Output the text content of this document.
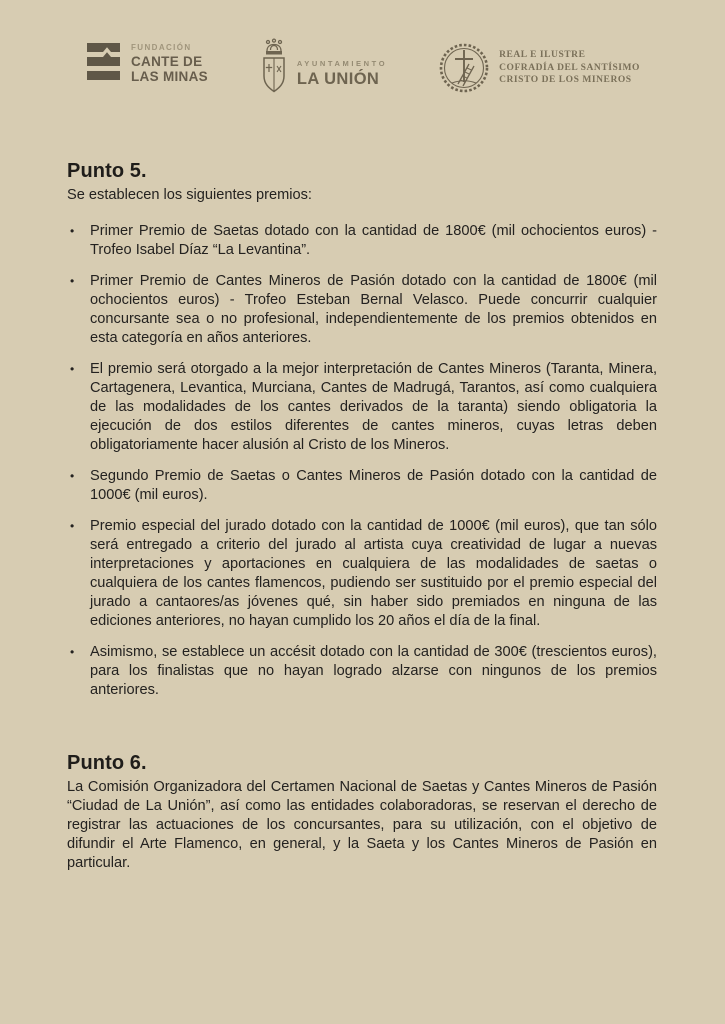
FUNDACIÓN
CANTE DE
LAS MINAS
AYUNTAMIENTO
LA UNIÓN
REAL E ILUSTRE
COFRADÍA DEL SANTÍSIMO
CRISTO DE LOS MINEROS
Punto 5.
Se establecen los siguientes premios:
• Primer Premio de Saetas dotado con la cantidad de 1800€ (mil ochocientos euros) - Trofeo Isabel Díaz “La Levantina”.
• Primer Premio de Cantes Mineros de Pasión dotado con la cantidad de 1800€ (mil ochocientos euros) - Trofeo Esteban Bernal Velasco. Puede concurrir cualquier concursante sea o no profesional, independientemente de los premios obtenidos en esta categoría en años anteriores.
• El premio será otorgado a la mejor interpretación de Cantes Mineros (Taranta, Minera, Cartagenera, Levantica, Murciana, Cantes de Madrugá, Tarantos, así como cualquiera de las modalidades de los cantes derivados de la taranta) siendo obligatoria la ejecución de dos estilos diferentes de cantes mineros, cuyas letras deben obligatoriamente hacer alusión al Cristo de los Mineros.
• Segundo Premio de Saetas o Cantes Mineros de Pasión dotado con la cantidad de 1000€ (mil euros).
• Premio especial del jurado dotado con la cantidad de 1000€ (mil euros), que tan sólo será entregado a criterio del jurado al artista cuya creatividad de lugar a nuevas interpretaciones y aportaciones en cualquiera de las modalidades de saetas o cualquiera de los cantes flamencos, pudiendo ser sustituido por el premio especial del jurado a cantaores/as jóvenes qué, sin haber sido premiados en ninguna de las ediciones anteriores, no hayan cumplido los 20 años el día de la final.
• Asimismo, se establece un accésit dotado con la cantidad de 300€ (trescientos euros), para los finalistas que no hayan logrado alzarse con ningunos de los premios anteriores.
Punto 6.
La Comisión Organizadora del Certamen Nacional de Saetas y Cantes Mineros de Pasión “Ciudad de La Unión”, así como las entidades colaboradoras, se reservan el derecho de registrar las actuaciones de los concursantes, para su utilización, con el objetivo de difundir el Arte Flamenco, en general, y la Saeta y los Cantes Mineros de Pasión en particular.
